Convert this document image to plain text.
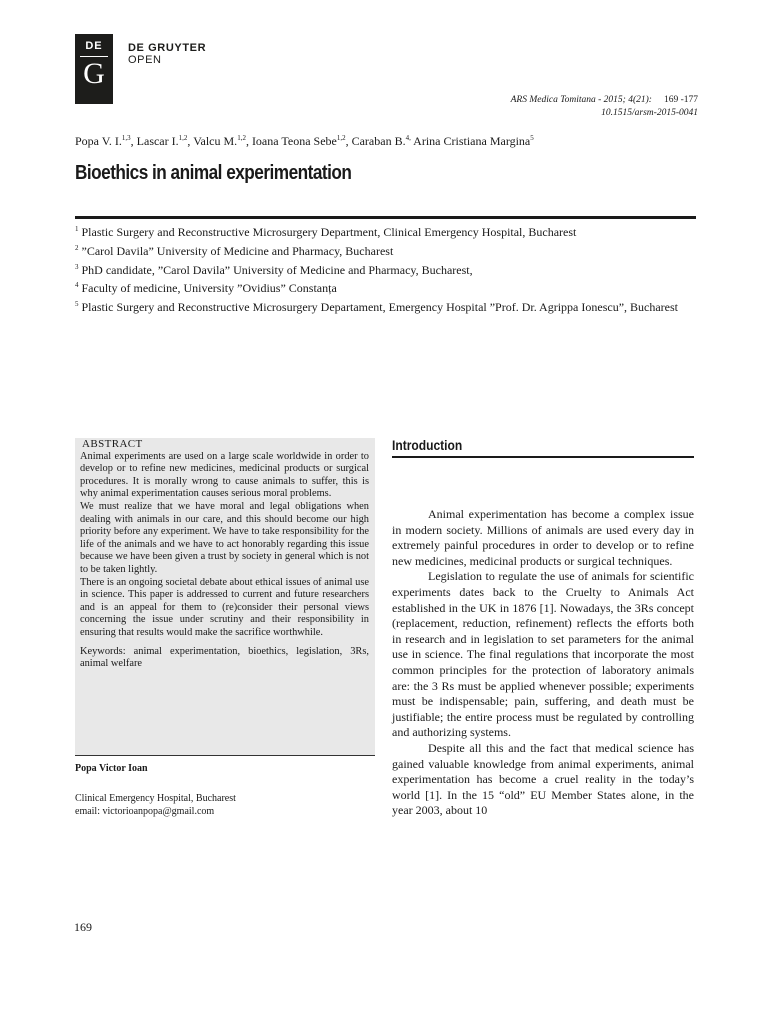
DE
G
DE GRUYTER
OPEN
ARS Medica Tomitana - 2015; 4(21): 169 -177
10.1515/arsm-2015-0041
Popa V. I.$^{1,3}$, Lascar I.$^{1,2}$, Valcu M.$^{1,2}$, Ioana Teona Sebe$^{1,2}$, Caraban B.$^{4,}$ Arina Cristiana Margina$^5$
Bioethics in animal experimentation

$^1$ Plastic Surgery and Reconstructive Microsurgery Department, Clinical Emergency Hospital, Bucharest

$^2$ ”Carol Davila” University of Medicine and Pharmacy, Bucharest

$^3$ PhD candidate, ”Carol Davila” University of Medicine and Pharmacy, Bucharest,

$^4$ Faculty of medicine, University ”Ovidius” Constanța

$^5$ Plastic Surgery and Reconstructive Microsurgery Departament, Emergency Hospital ”Prof. Dr. Agrippa Ionescu”, Bucharest

ABSTRACT

Animal experiments are used on a large scale worldwide in order to develop or to refine new medicines, medicinal products or surgical procedures. It is morally wrong to cause animals to suffer, this is why animal experimentation causes serious moral problems.

We must realize that we have moral and legal obligations when dealing with animals in our care, and this should become our high priority before any experiment. We have to take responsibility for the life of the animals and we have to act honorably regarding this issue because we have been given a trust by society in general which is not to be taken lightly.

There is an ongoing societal debate about ethical issues of animal use in science. This paper is addressed to current and future researchers and is an appeal for them to (re)consider their personal views concerning the issue under scrutiny and their responsibility in ensuring that results would make the sacrifice worthwhile.

Keywords: animal experimentation, bioethics, legislation, 3Rs, animal welfare

Popa Victor Ioan
Clinical Emergency Hospital, Bucharest
email: victorioanpopa@gmail.com
Introduction

Animal experimentation has become a complex issue in modern society. Millions of animals are used every day in extremely painful procedures in order to develop or to refine new medicines, medicinal products or surgical techniques.

Legislation to regulate the use of animals for scientific experiments dates back to the Cruelty to Animals Act established in the UK in 1876 [1]. Nowadays, the 3Rs concept (replacement, reduction, refinement) reflects the efforts both in research and in legislation to set parameters for the animal use in science. The final regulations that incorporate the most common principles for the protection of laboratory animals are: the 3 Rs must be applied whenever possible; experiments must be indispensable; pain, suffering, and death must be justifiable; the entire process must be regulated by controlling and authorizing systems.

Despite all this and the fact that medical science has gained valuable knowledge from animal experiments, animal experimentation has become a cruel reality in the today’s world [1]. In the 15 “old” EU Member States alone, in the year 2003, about 10

169
